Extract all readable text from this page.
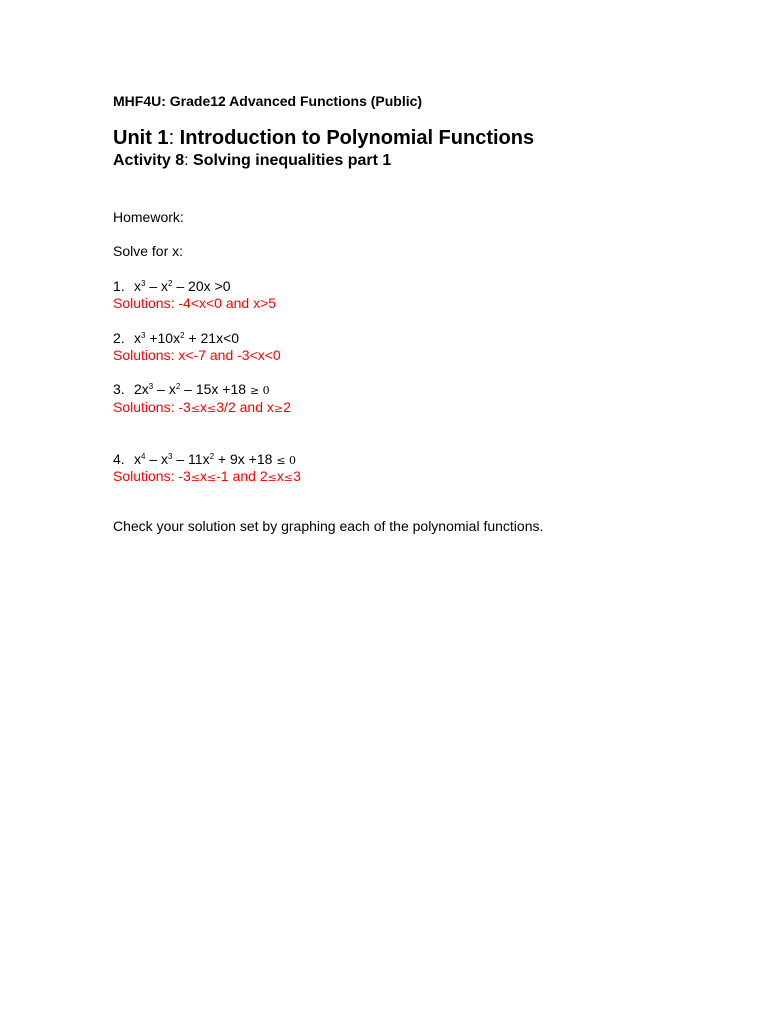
MHF4U: Grade12 Advanced Functions (Public)
Unit 1: Introduction to Polynomial Functions
Activity 8: Solving inequalities part 1
Homework:
Solve for x:
1. $x^3 - x^2 - 20x >0$
Solutions: -4<x<0 and x>5
2. $x^3 +10x^2 + 21x<0$
Solutions: x<-7 and -3<x<0
3. $2x^3 - x^2 - 15x +18 \ge 0$
Solutions: -3≤x≤3/2 and x≥2
4. $x^4 - x^3 - 11x^2 + 9x +18 \le 0$
Solutions: -3≤x≤-1 and 2≤x≤3
Check your solution set by graphing each of the polynomial functions.
